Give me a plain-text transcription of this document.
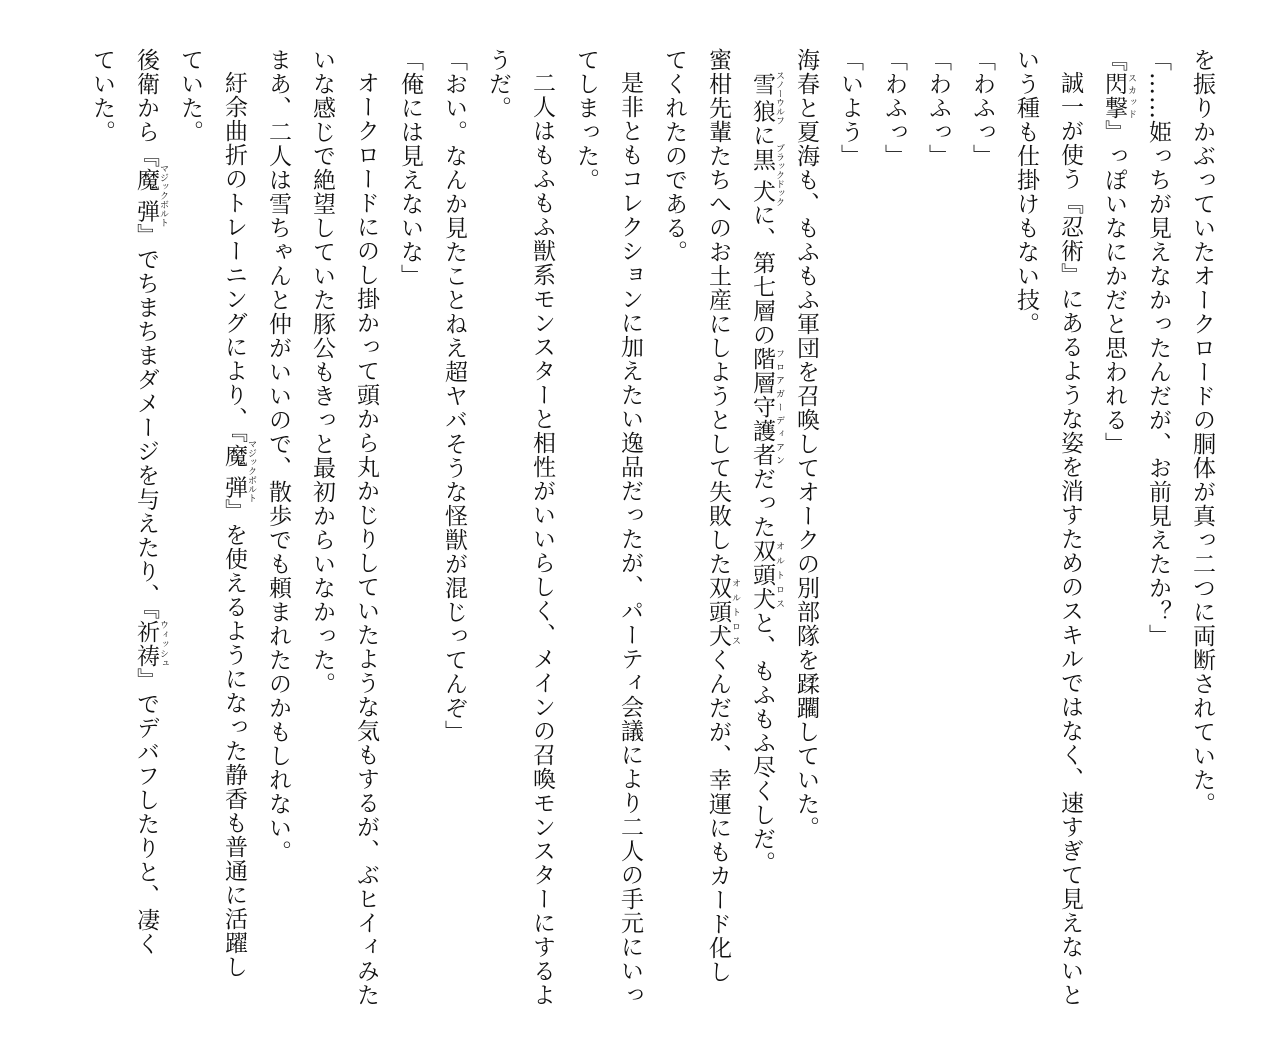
を振りかぶっていたオークロードの胴体が真っ二つに両断されていた。

「……姫っちが見えなかったんだが、お前見えたか？」

『閃撃 スカッド』っぽいなにかだと思われる」

誠一が使う『忍術』にあるような姿を消すためのスキルではなく、速すぎて見えないと

いう種も仕掛けもない技。

「わふっ」

「わふっ」

「わふっ」

「いよう」

海春と夏海も、もふもふ軍団を召喚してオークの別部隊を蹂躙していた。

雪狼 スノーウルフに黒犬 ブラックドックに、第七層の階層守護者 フロアガーディアンだった双頭犬 オルトロスと、もふもふ尽くしだ。

蜜柑先輩たちへのお土産にしようとして失敗した双頭犬 オルトロスくんだが、幸運にもカード化し

てくれたのである。

是非ともコレクションに加えたい逸品だったが、パーティ会議により二人の手元にいっ

てしまった。

二人はもふもふ獣系モンスターと相性がいいらしく、メインの召喚モンスターにするよ

うだ。

「おい。なんか見たことねえ超ヤバそうな怪獣が混じってんぞ」

「俺には見えないな」

オークロードにのし掛かって頭から丸かじりしていたような気もするが、ぶヒイィみた

いな感じで絶望していた豚公もきっと最初からいなかった。

まあ、二人は雪ちゃんと仲がいいので、散歩でも頼まれたのかもしれない。

紆余曲折のトレーニングにより、『魔弾 マジックボルト』を使えるようになった静香も普通に活躍し

ていた。

後衛から『魔弾 マジックボルト』でちまちまダメージを与えたり、『祈祷 ウィッシュ』でデバフしたりと、凄く

ていた。
